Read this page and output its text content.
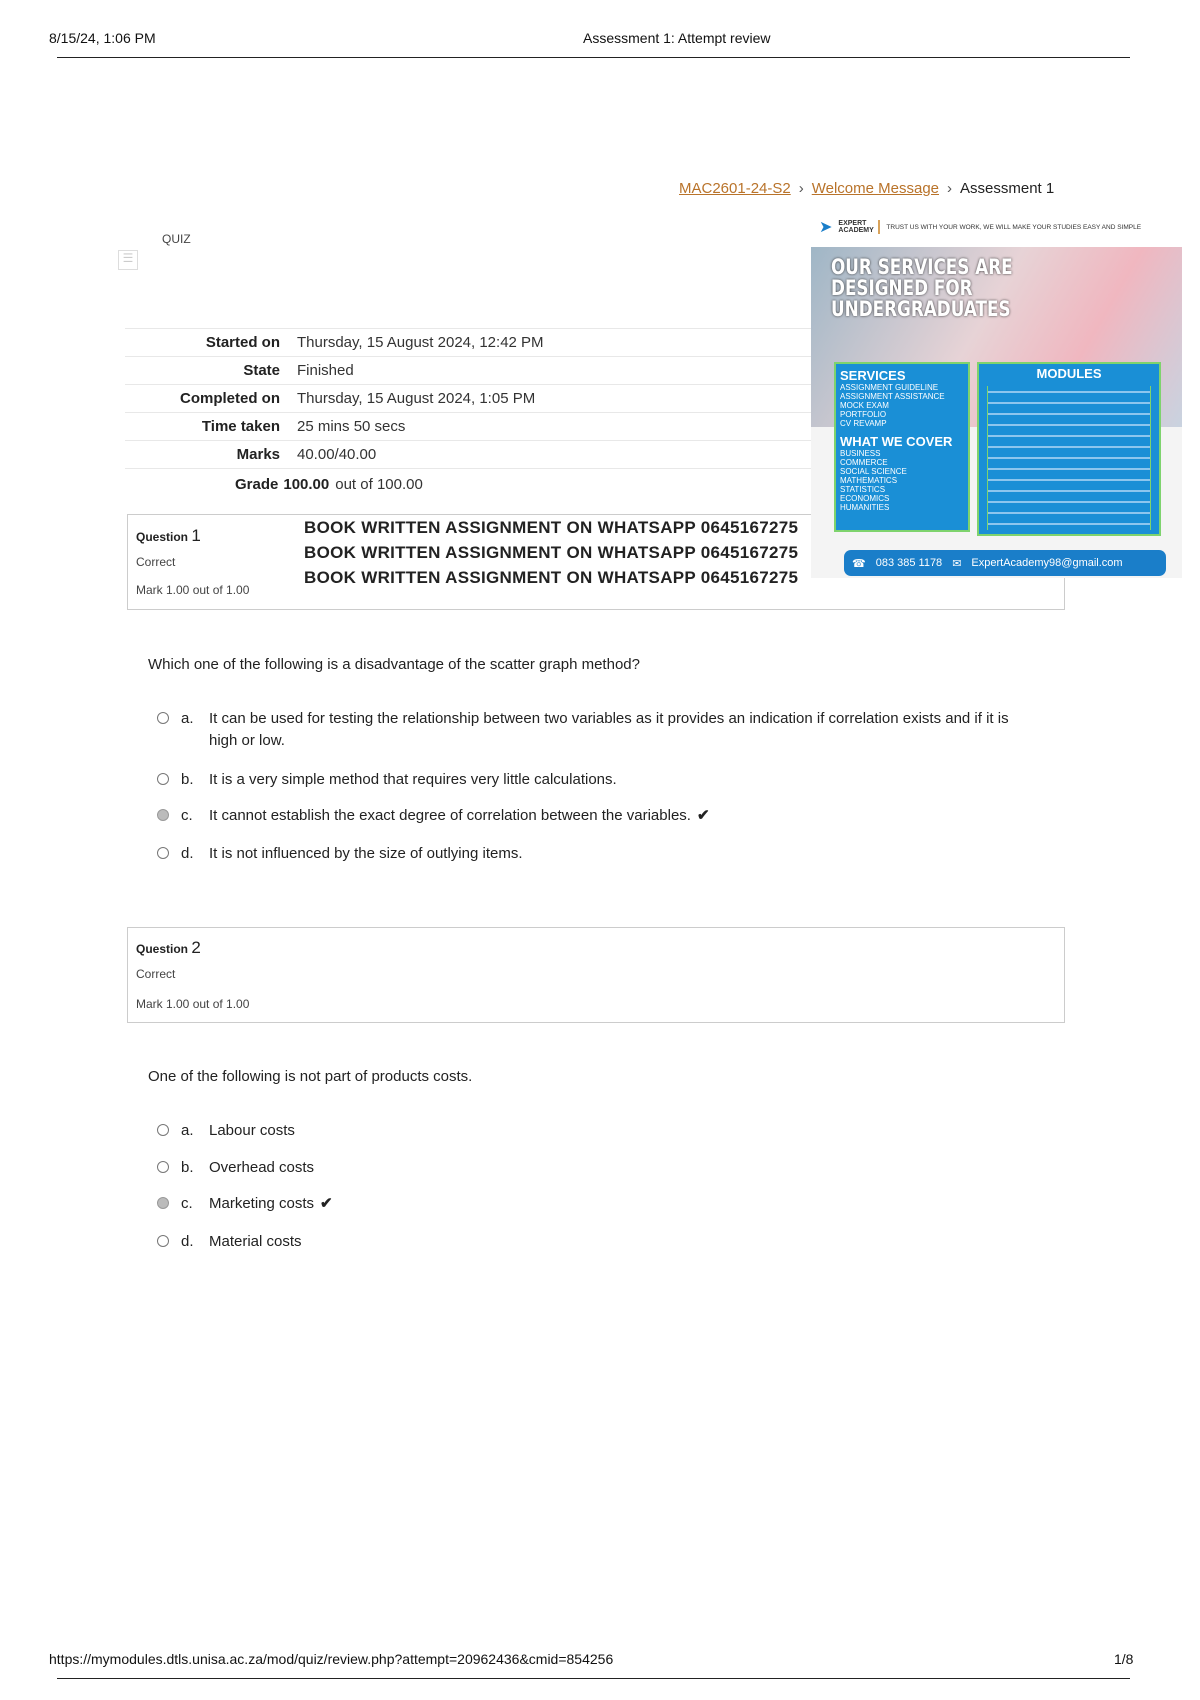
8/15/24, 1:06 PM	Assessment 1: Attempt review
MAC2601-24-S2 › Welcome Message › Assessment 1
☰
QUIZ
Started on	Thursday, 15 August 2024, 12:42 PM
State	Finished
Completed on	Thursday, 15 August 2024, 1:05 PM
Time taken	25 mins 50 secs
Marks	40.00/40.00
Grade 100.00 out of 100.00
Question 1
Correct
Mark 1.00 out of 1.00
BOOK WRITTEN ASSIGNMENT ON WHATSAPP 0645167275
BOOK WRITTEN ASSIGNMENT ON WHATSAPP 0645167275
BOOK WRITTEN ASSIGNMENT ON WHATSAPP 0645167275
Which one of the following is a disadvantage of the scatter graph method?
a.	It can be used for testing the relationship between two variables as it provides an indication if correlation exists and if it is high or low.
b.	It is a very simple method that requires very little calculations.
c.	It cannot establish the exact degree of correlation between the variables. ✔
d.	It is not influenced by the size of outlying items.
Question 2
Correct
Mark 1.00 out of 1.00
One of the following is not part of products costs.
a.	Labour costs
b.	Overhead costs
c.	Marketing costs ✔
d.	Material costs
➤ EXPERT ACADEMY	TRUST US WITH YOUR WORK, WE WILL MAKE YOUR STUDIES EASY AND SIMPLE
OUR SERVICES ARE
DESIGNED FOR
UNDERGRADUATES
SERVICES
ASSIGNMENT GUIDELINE
ASSIGNMENT ASSISTANCE
MOCK EXAM
PORTFOLIO
CV REVAMP
WHAT WE COVER
BUSINESS
COMMERCE
SOCIAL SCIENCE
MATHEMATICS
STATISTICS
ECONOMICS
HUMANITIES
MODULES
☎ 083 385 1178 ✉ ExpertAcademy98@gmail.com
https://mymodules.dtls.unisa.ac.za/mod/quiz/review.php?attempt=20962436&cmid=854256	1/8
